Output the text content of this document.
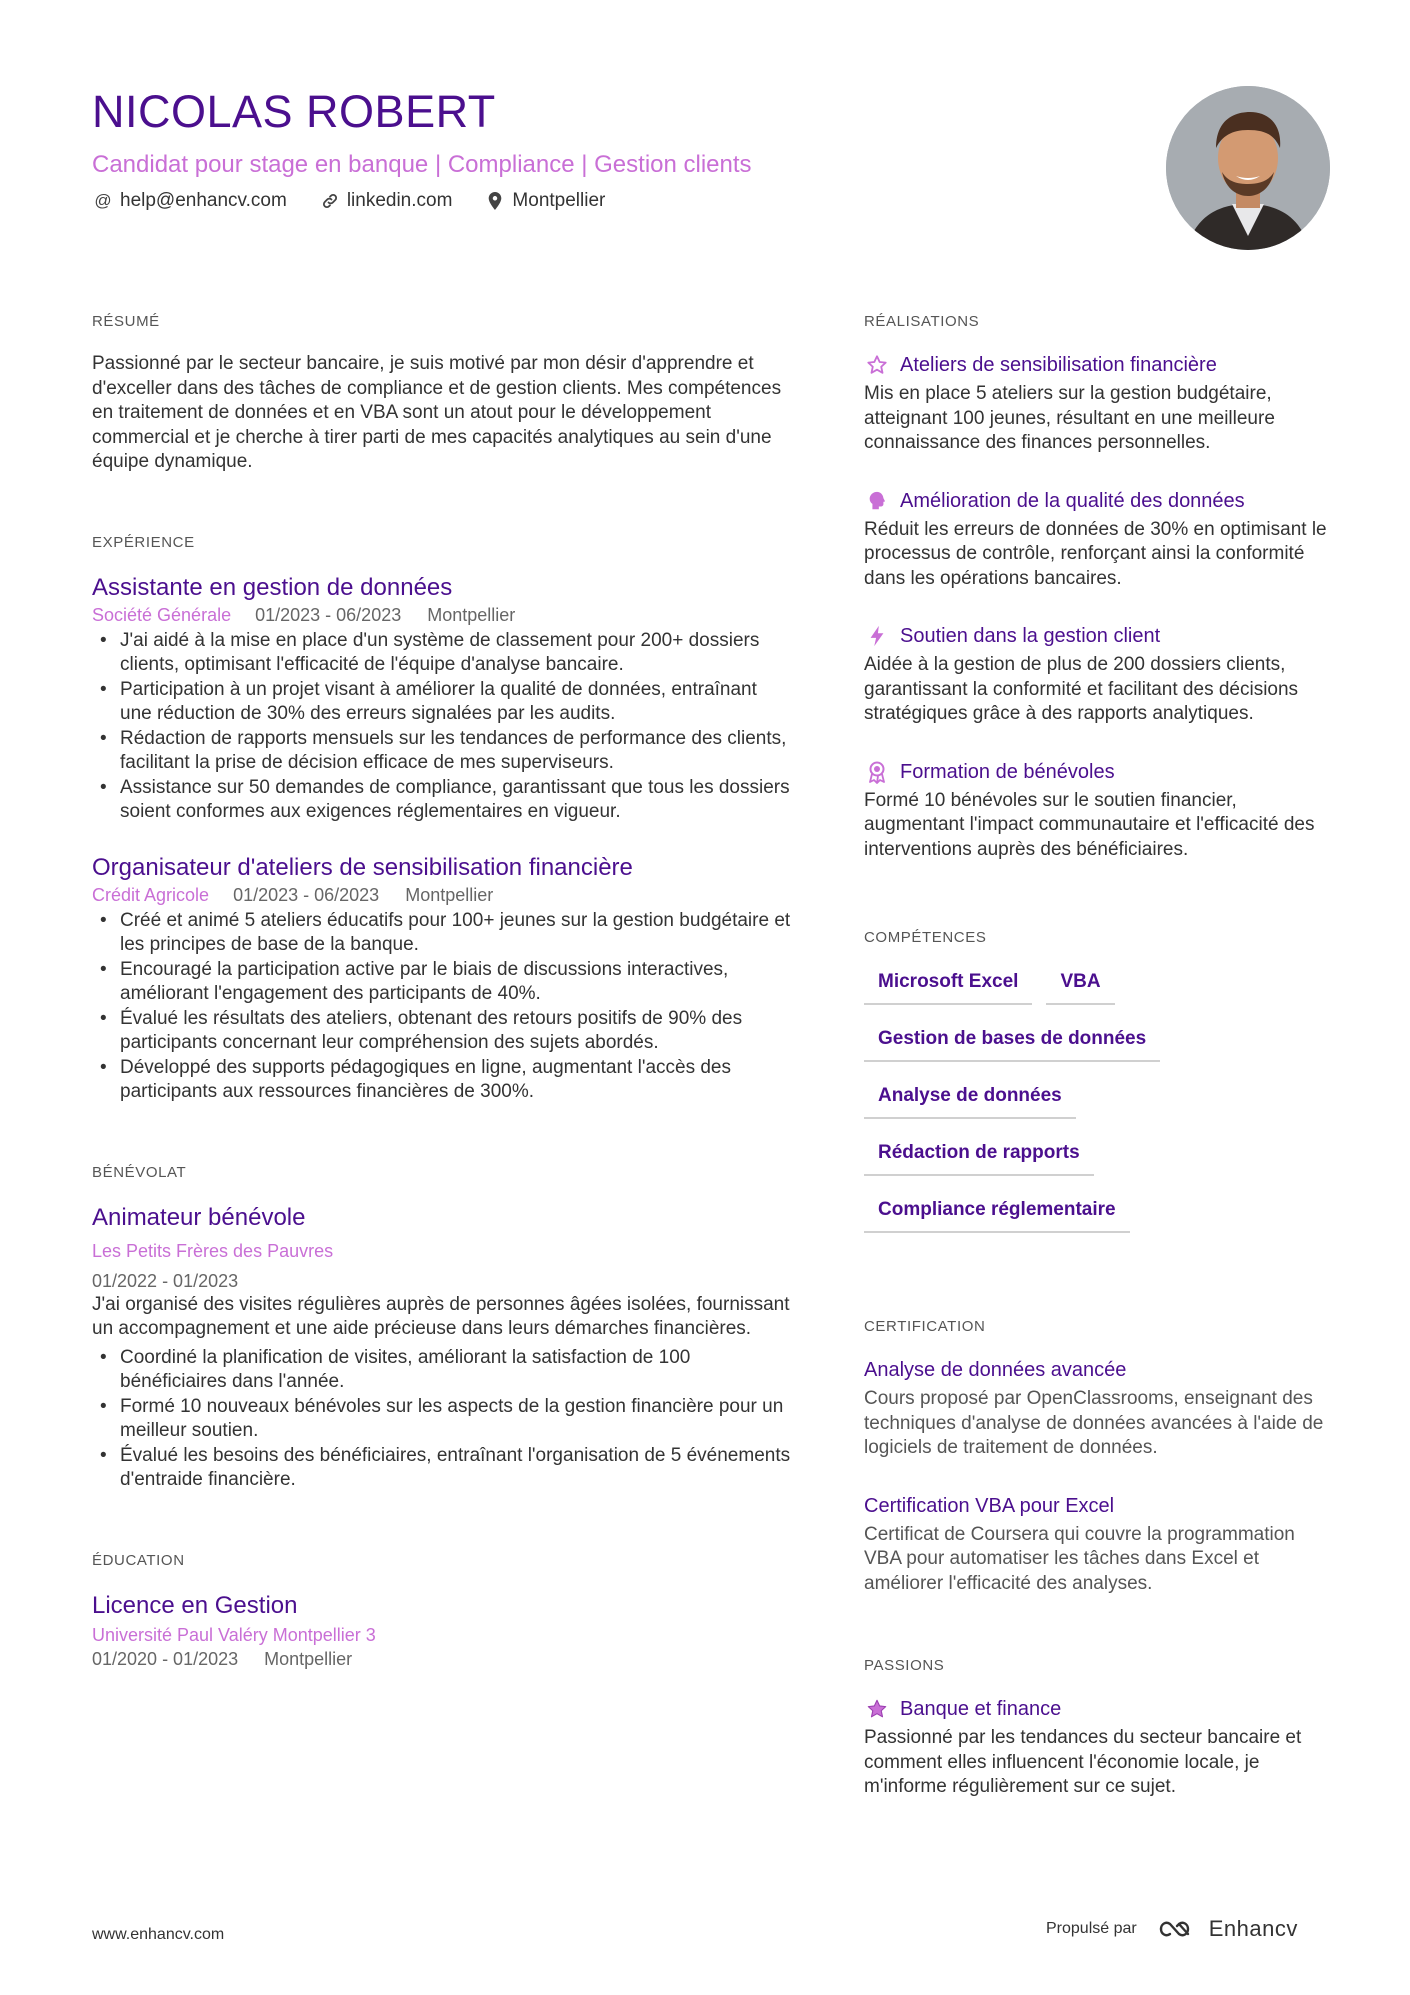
NICOLAS ROBERT
Candidat pour stage en banque | Compliance | Gestion clients
@ help@enhancv.com	linkedin.com	Montpellier
RÉSUMÉ
Passionné par le secteur bancaire, je suis motivé par mon désir d'apprendre et d'exceller dans des tâches de compliance et de gestion clients. Mes compétences en traitement de données et en VBA sont un atout pour le développement commercial et je cherche à tirer parti de mes capacités analytiques au sein d'une équipe dynamique.
EXPÉRIENCE
Assistante en gestion de données
Société Générale 01/2023 - 06/2023 Montpellier
• J'ai aidé à la mise en place d'un système de classement pour 200+ dossiers clients, optimisant l'efficacité de l'équipe d'analyse bancaire.
• Participation à un projet visant à améliorer la qualité de données, entraînant une réduction de 30% des erreurs signalées par les audits.
• Rédaction de rapports mensuels sur les tendances de performance des clients, facilitant la prise de décision efficace de mes superviseurs.
• Assistance sur 50 demandes de compliance, garantissant que tous les dossiers soient conformes aux exigences réglementaires en vigueur.
Organisateur d'ateliers de sensibilisation financière
Crédit Agricole 01/2023 - 06/2023 Montpellier
• Créé et animé 5 ateliers éducatifs pour 100+ jeunes sur la gestion budgétaire et les principes de base de la banque.
• Encouragé la participation active par le biais de discussions interactives, améliorant l'engagement des participants de 40%.
• Évalué les résultats des ateliers, obtenant des retours positifs de 90% des participants concernant leur compréhension des sujets abordés.
• Développé des supports pédagogiques en ligne, augmentant l'accès des participants aux ressources financières de 300%.
BÉNÉVOLAT
Animateur bénévole
Les Petits Frères des Pauvres
01/2022 - 01/2023
J'ai organisé des visites régulières auprès de personnes âgées isolées, fournissant un accompagnement et une aide précieuse dans leurs démarches financières.
• Coordiné la planification de visites, améliorant la satisfaction de 100 bénéficiaires dans l'année.
• Formé 10 nouveaux bénévoles sur les aspects de la gestion financière pour un meilleur soutien.
• Évalué les besoins des bénéficiaires, entraînant l'organisation de 5 événements d'entraide financière.
ÉDUCATION
Licence en Gestion
Université Paul Valéry Montpellier 3
01/2020 - 01/2023 Montpellier
RÉALISATIONS
Ateliers de sensibilisation financière
Mis en place 5 ateliers sur la gestion budgétaire, atteignant 100 jeunes, résultant en une meilleure connaissance des finances personnelles.
Amélioration de la qualité des données
Réduit les erreurs de données de 30% en optimisant le processus de contrôle, renforçant ainsi la conformité dans les opérations bancaires.
Soutien dans la gestion client
Aidée à la gestion de plus de 200 dossiers clients, garantissant la conformité et facilitant des décisions stratégiques grâce à des rapports analytiques.
Formation de bénévoles
Formé 10 bénévoles sur le soutien financier, augmentant l'impact communautaire et l'efficacité des interventions auprès des bénéficiaires.
COMPÉTENCES
Microsoft Excel	VBA
Gestion de bases de données
Analyse de données
Rédaction de rapports
Compliance réglementaire
CERTIFICATION
Analyse de données avancée
Cours proposé par OpenClassrooms, enseignant des techniques d'analyse de données avancées à l'aide de logiciels de traitement de données.
Certification VBA pour Excel
Certificat de Coursera qui couvre la programmation VBA pour automatiser les tâches dans Excel et améliorer l'efficacité des analyses.
PASSIONS
Banque et finance
Passionné par les tendances du secteur bancaire et comment elles influencent l'économie locale, je m'informe régulièrement sur ce sujet.
www.enhancv.com	Propulsé par	Enhancv
